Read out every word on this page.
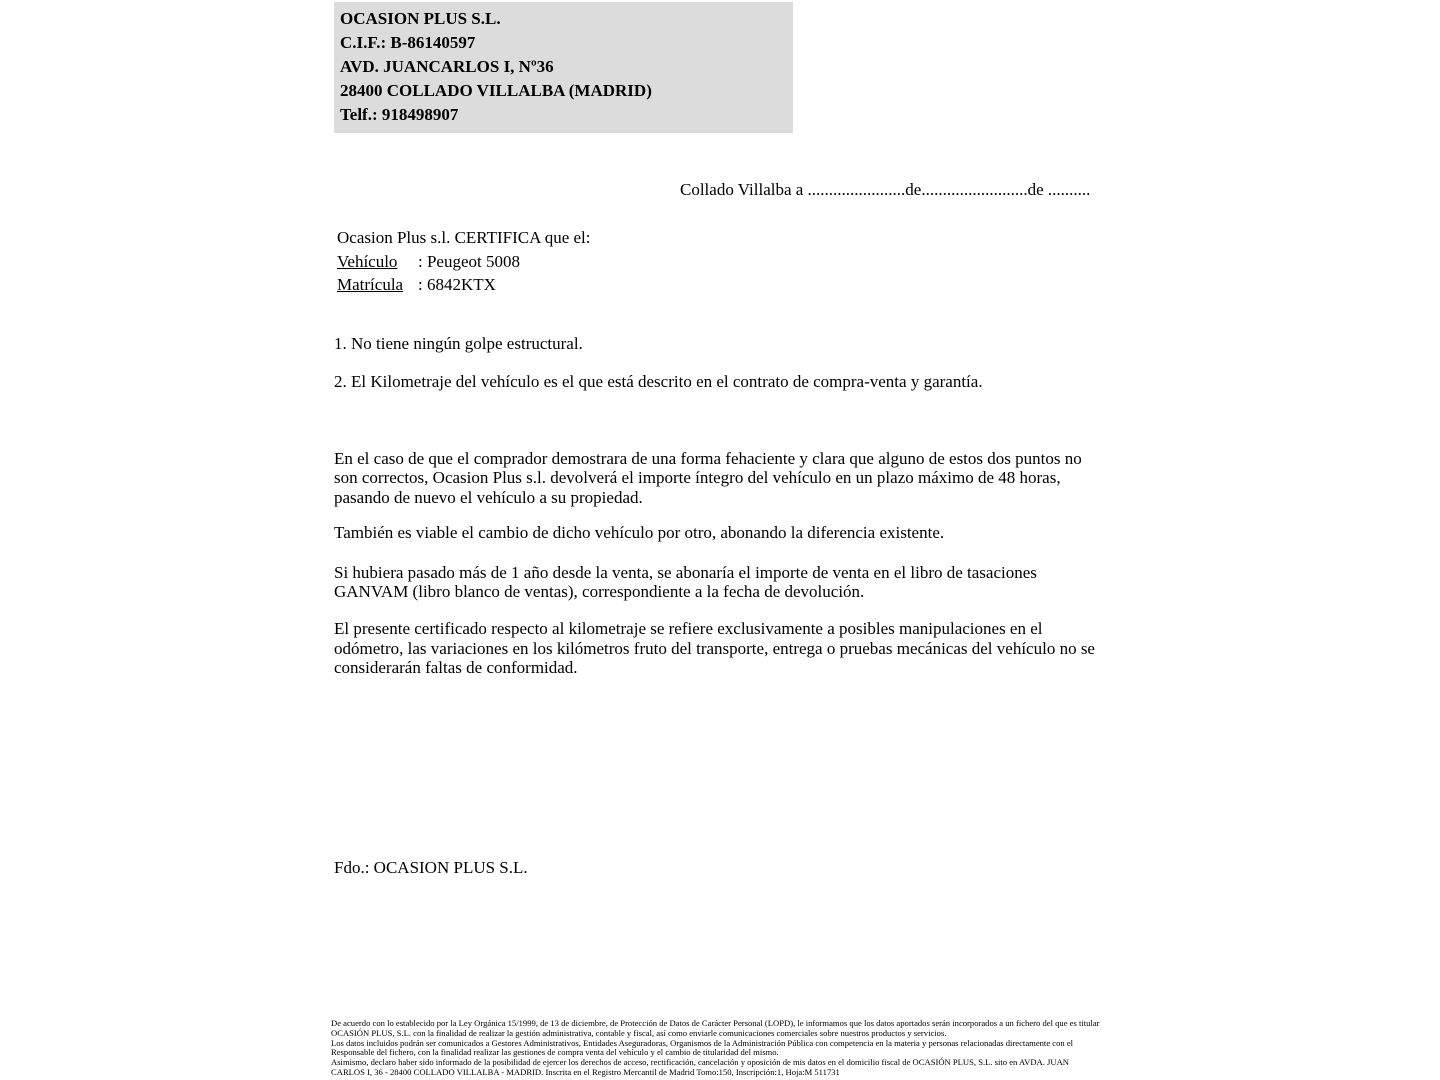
OCASION PLUS S.L.
C.I.F.: B-86140597
AVD. JUANCARLOS I, Nº36
28400 COLLADO VILLALBA (MADRID)
Telf.: 918498907
Collado Villalba a .......................de.........................de ..........
Ocasion Plus s.l. CERTIFICA que el:
Vehículo : Peugeot 5008
Matrícula : 6842KTX
1. No tiene ningún golpe estructural.
2. El Kilometraje del vehículo es el que está descrito en el contrato de compra-venta y garantía.
En el caso de que el comprador demostrara de una forma fehaciente y clara que alguno de estos dos puntos no son correctos, Ocasion Plus s.l. devolverá el importe íntegro del vehículo en un plazo máximo de 48 horas, pasando de nuevo el vehículo a su propiedad.
También es viable el cambio de dicho vehículo por otro, abonando la diferencia existente.
Si hubiera pasado más de 1 año desde la venta, se abonaría el importe de venta en el libro de tasaciones GANVAM (libro blanco de ventas), correspondiente a la fecha de devolución.
El presente certificado respecto al kilometraje se refiere exclusivamente a posibles manipulaciones en el odómetro, las variaciones en los kilómetros fruto del transporte, entrega o pruebas mecánicas del vehículo no se considerarán faltas de conformidad.
Fdo.: OCASION PLUS S.L.
De acuerdo con lo establecido por la Ley Orgánica 15/1999, de 13 de diciembre, de Protección de Datos de Carácter Personal (LOPD), le informamos que los datos aportados serán incorporados a un fichero del que es titular OCASIÓN PLUS, S.L. con la finalidad de realizar la gestión administrativa, contable y fiscal, así como enviarle comunicaciones comerciales sobre nuestros productos y servicios.
Los datos incluidos podrán ser comunicados a Gestores Administrativos, Entidades Aseguradoras, Organismos de la Administración Pública con competencia en la materia y personas relacionadas directamente con el Responsable del fichero, con la finalidad realizar las gestiones de compra venta del vehículo y el cambio de titularidad del mismo.
Asimismo, declaro haber sido informado de la posibilidad de ejercer los derechos de acceso, rectificación, cancelación y oposición de mis datos en el domicilio fiscal de OCASIÓN PLUS, S.L. sito en AVDA. JUAN CARLOS I, 36 - 28400 COLLADO VILLALBA - MADRID. Inscrita en el Registro Mercantil de Madrid Tomo:150, Inscripción:1, Hoja:M 511731
